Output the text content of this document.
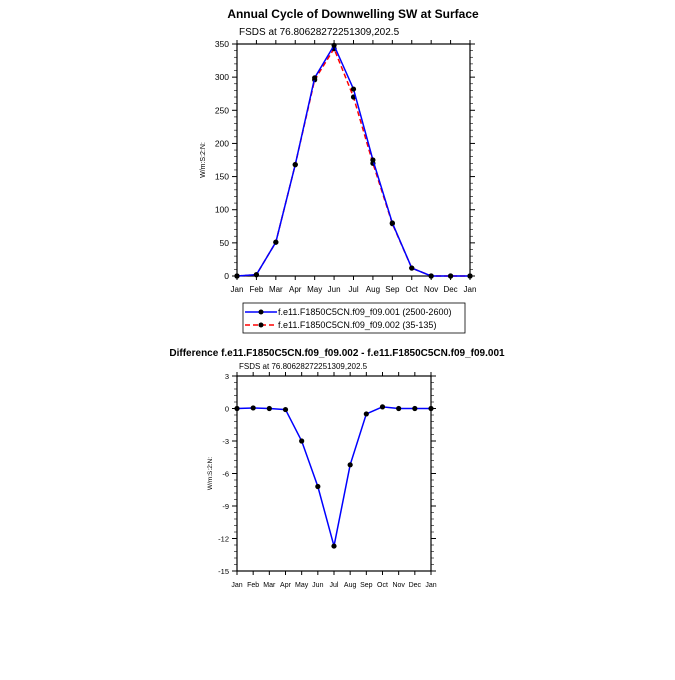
Annual Cycle of Downwelling SW at Surface
FSDS at 76.80628272251309,202.5
W/m:S:2:N:
Jan Feb Mar Apr May Jun Jul Aug Sep Oct Nov Dec Jan
0
50
100
150
200
250
300
350
f.e11.F1850C5CN.f09_f09.001 (2500-2600)
f.e11.F1850C5CN.f09_f09.002 (35-135)
Difference f.e11.F1850C5CN.f09_f09.002 - f.e11.F1850C5CN.f09_f09.001
FSDS at 76.80628272251309,202.5
W/m:S:2:N:
Jan Feb Mar Apr May Jun Jul Aug Sep Oct Nov Dec Jan
-15
-12
-9
-6
-3
0
3
